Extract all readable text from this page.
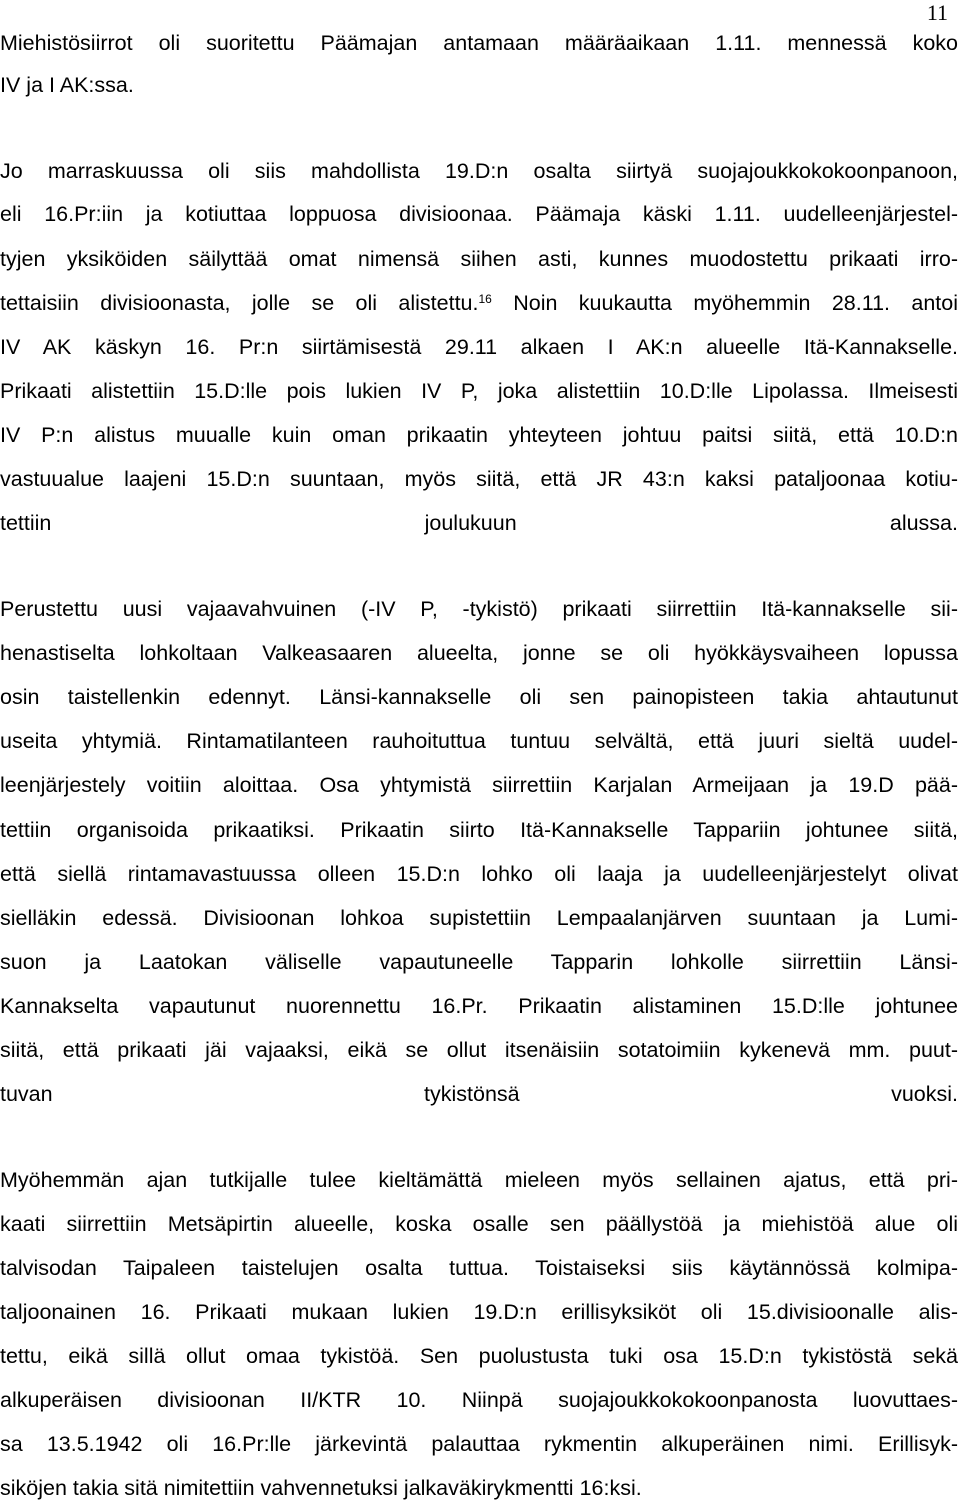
11
Miehistösiirrot oli suoritettu Päämajan antamaan määräaikaan 1.11. mennessä koko
IV ja I AK:ssa.
Jo marraskuussa oli siis mahdollista 19.D:n osalta siirtyä suojajoukkokokoonpanoon,
eli 16.Pr:iin ja kotiuttaa loppuosa divisioonaa. Päämaja käski 1.11. uudelleenjärjestel-
tyjen yksiköiden säilyttää omat nimensä siihen asti, kunnes muodostettu prikaati irro-
tettaisiin divisioonasta, jolle se oli alistettu.$^{16}$ Noin kuukautta myöhemmin 28.11. antoi
IV AK käskyn 16. Pr:n siirtämisestä 29.11 alkaen I AK:n alueelle Itä-Kannakselle.
Prikaati alistettiin 15.D:lle pois lukien IV P, joka alistettiin 10.D:lle Lipolassa. Ilmeisesti
IV P:n alistus muualle kuin oman prikaatin yhteyteen johtuu paitsi siitä, että 10.D:n
vastuualue laajeni 15.D:n suuntaan, myös siitä, että JR 43:n kaksi pataljoonaa kotiu-
tettiin joulukuun alussa.
Perustettu uusi vajaavahvuinen (-IV P, -tykistö) prikaati siirrettiin Itä-kannakselle sii-
henastiselta lohkoltaan Valkeasaaren alueelta, jonne se oli hyökkäysvaiheen lopussa
osin taistellenkin edennyt. Länsi-kannakselle oli sen painopisteen takia ahtautunut
useita yhtymiä. Rintamatilanteen rauhoituttua tuntuu selvältä, että juuri sieltä uudel-
leenjärjestely voitiin aloittaa. Osa yhtymistä siirrettiin Karjalan Armeijaan ja 19.D pää-
tettiin organisoida prikaatiksi. Prikaatin siirto Itä-Kannakselle Tappariin johtunee siitä,
että siellä rintamavastuussa olleen 15.D:n lohko oli laaja ja uudelleenjärjestelyt olivat
sielläkin edessä. Divisioonan lohkoa supistettiin Lempaalanjärven suuntaan ja Lumi-
suon ja Laatokan väliselle vapautuneelle Tapparin lohkolle siirrettiin Länsi-
Kannakselta vapautunut nuorennettu 16.Pr. Prikaatin alistaminen 15.D:lle johtunee
siitä, että prikaati jäi vajaaksi, eikä se ollut itsenäisiin sotatoimiin kykenevä mm. puut-
tuvan tykistönsä vuoksi.
Myöhemmän ajan tutkijalle tulee kieltämättä mieleen myös sellainen ajatus, että pri-
kaati siirrettiin Metsäpirtin alueelle, koska osalle sen päällystöä ja miehistöä alue oli
talvisodan Taipaleen taistelujen osalta tuttua. Toistaiseksi siis käytännössä kolmipa-
taljoonainen 16. Prikaati mukaan lukien 19.D:n erillisyksiköt oli 15.divisioonalle alis-
tettu, eikä sillä ollut omaa tykistöä. Sen puolustusta tuki osa 15.D:n tykistöstä sekä
alkuperäisen divisioonan II/KTR 10. Niinpä suojajoukkokokoonpanosta luovuttaes-
sa 13.5.1942 oli 16.Pr:lle järkevintä palauttaa rykmentin alkuperäinen nimi. Erillisyk-
siköjen takia sitä nimitettiin vahvennetuksi jalkaväkirykmentti 16:ksi.
